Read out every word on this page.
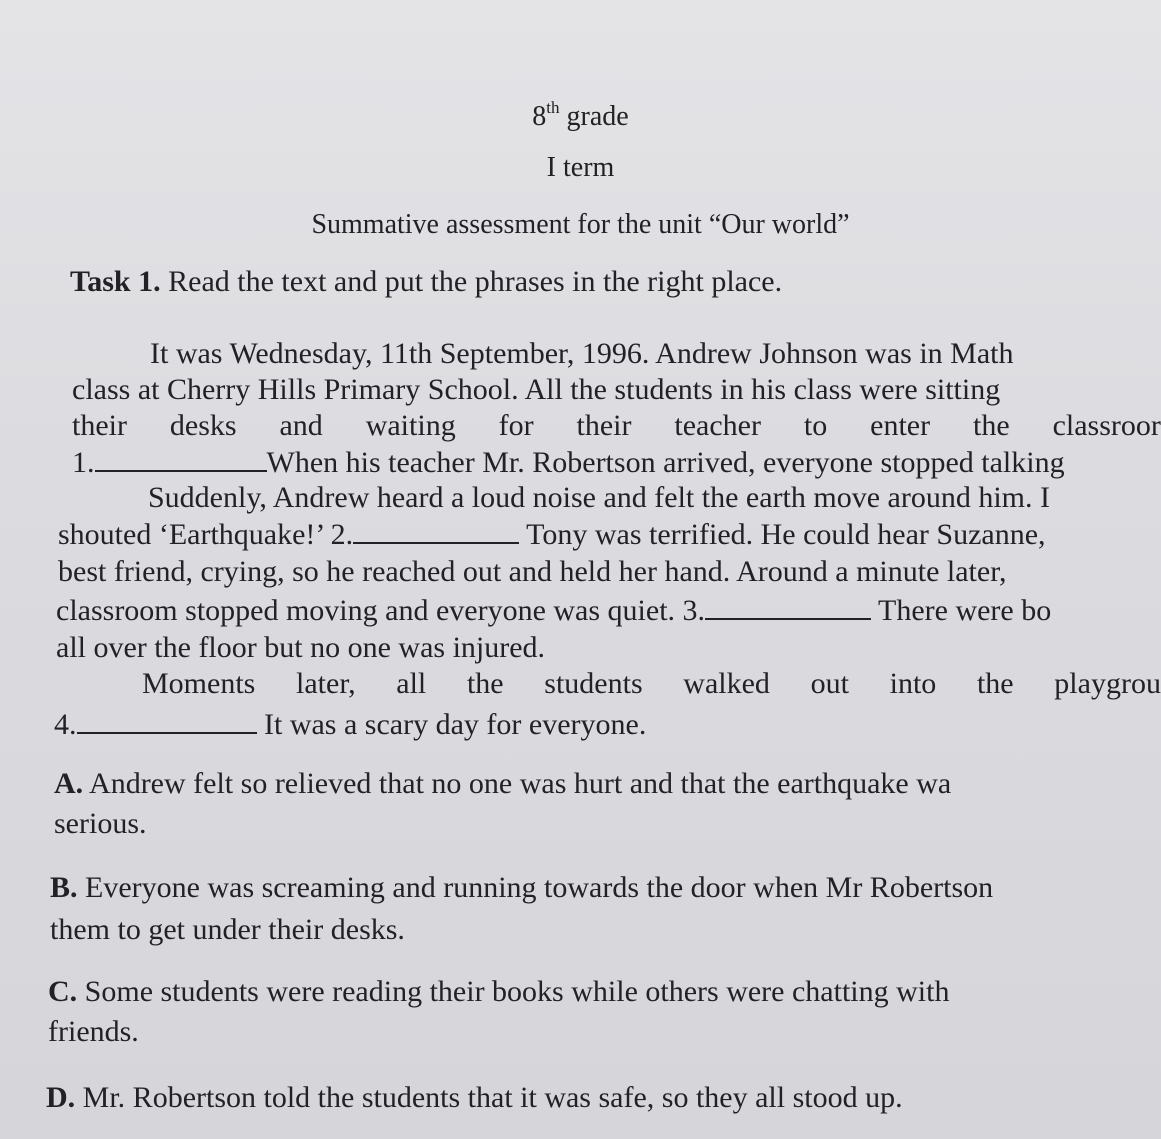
8th grade
I term
Summative assessment for the unit “Our world”
Task 1. Read the text and put the phrases in the right place.
It was Wednesday, 11th September, 1996. Andrew Johnson was in Math
class at Cherry Hills Primary School. All the students in his class were sitting
their desks and waiting for their teacher to enter the classroor
1.	When his teacher Mr. Robertson arrived, everyone stopped talking
Suddenly, Andrew heard a loud noise and felt the earth move around him. I
shouted ‘Earthquake!’ 2.	Tony was terrified. He could hear Suzanne,
best friend, crying, so he reached out and held her hand. Around a minute later,
classroom stopped moving and everyone was quiet. 3.	There were bo
all over the floor but no one was injured.
Moments later, all the students walked out into the playgrou
4.	It was a scary day for everyone.
A. Andrew felt so relieved that no one was hurt and that the earthquake wa
serious.
B. Everyone was screaming and running towards the door when Mr Robertson
them to get under their desks.
C. Some students were reading their books while others were chatting with
friends.
D. Mr. Robertson told the students that it was safe, so they all stood up.
